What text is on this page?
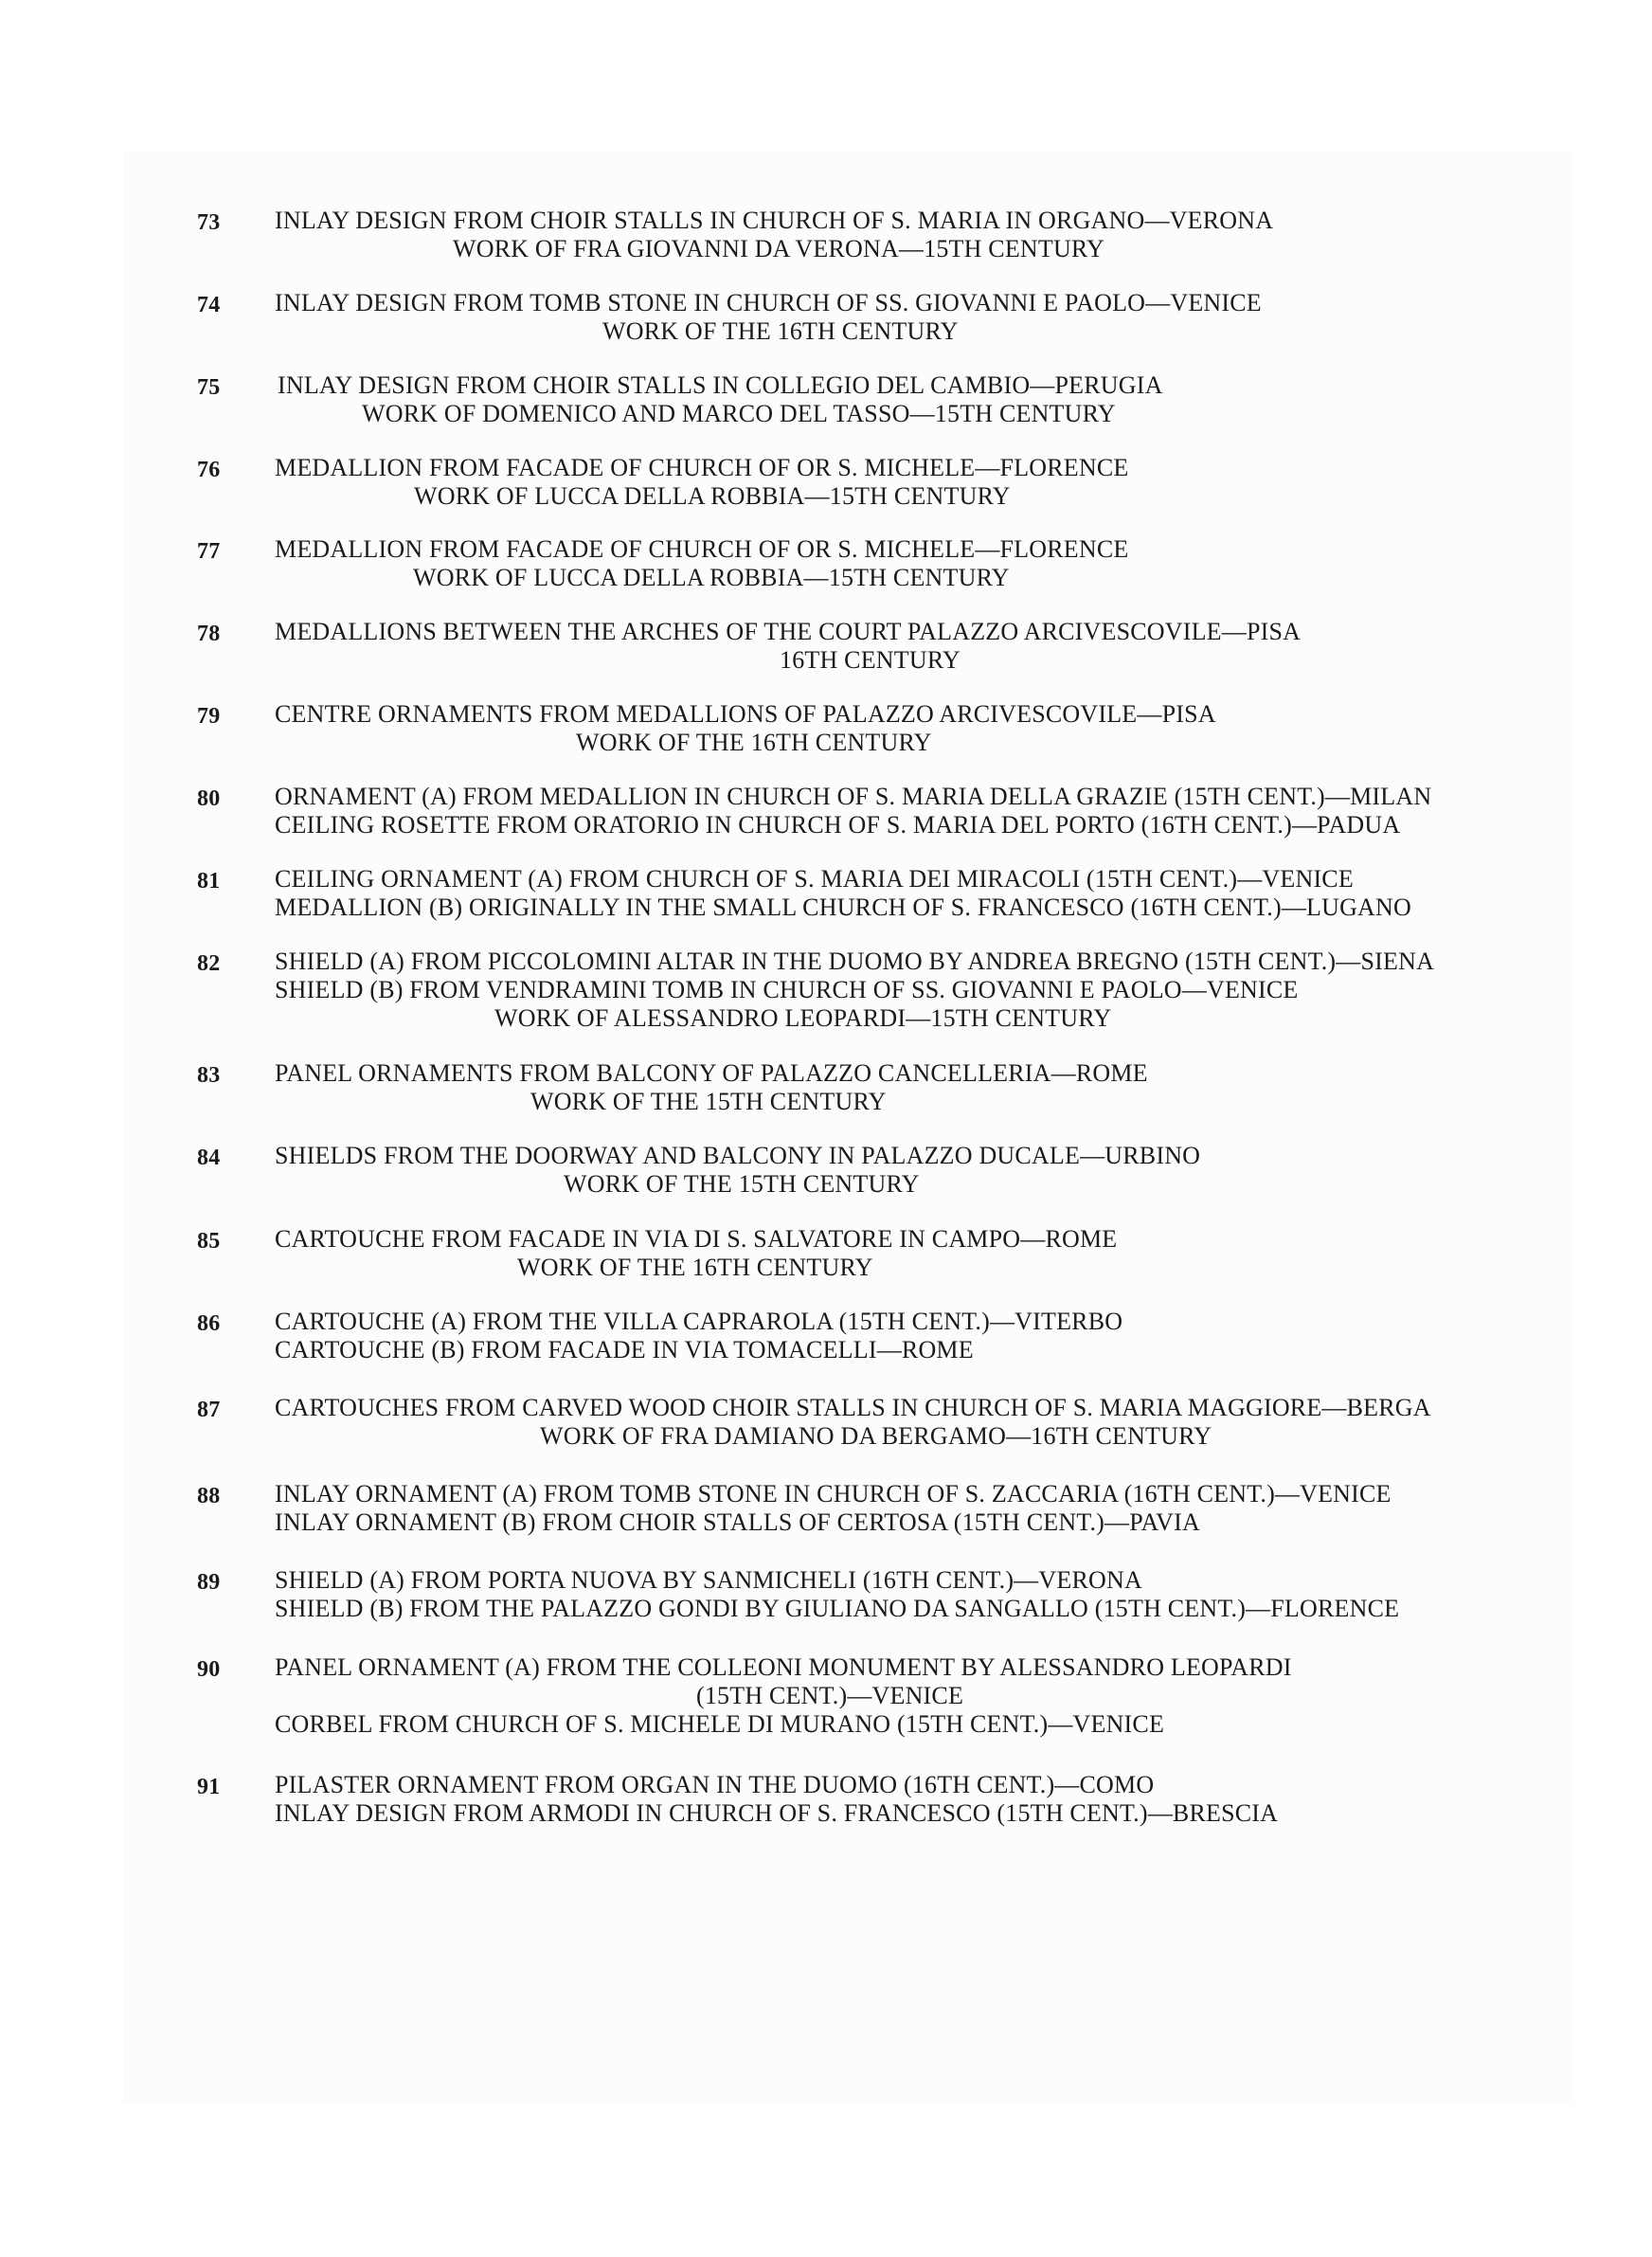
73	INLAY DESIGN FROM CHOIR STALLS IN CHURCH OF S. MARIA IN ORGANO—VERONA
WORK OF FRA GIOVANNI DA VERONA—15TH CENTURY
74	INLAY DESIGN FROM TOMB STONE IN CHURCH OF SS. GIOVANNI E PAOLO—VENICE
WORK OF THE 16TH CENTURY
75	INLAY DESIGN FROM CHOIR STALLS IN COLLEGIO DEL CAMBIO—PERUGIA
WORK OF DOMENICO AND MARCO DEL TASSO—15TH CENTURY
76	MEDALLION FROM FACADE OF CHURCH OF OR S. MICHELE—FLORENCE
WORK OF LUCCA DELLA ROBBIA—15TH CENTURY
77	MEDALLION FROM FACADE OF CHURCH OF OR S. MICHELE—FLORENCE
WORK OF LUCCA DELLA ROBBIA—15TH CENTURY
78	MEDALLIONS BETWEEN THE ARCHES OF THE COURT PALAZZO ARCIVESCOVILE—PISA
16TH CENTURY
79	CENTRE ORNAMENTS FROM MEDALLIONS OF PALAZZO ARCIVESCOVILE—PISA
WORK OF THE 16TH CENTURY
80	ORNAMENT (A) FROM MEDALLION IN CHURCH OF S. MARIA DELLA GRAZIE (15TH CENT.)—MILAN
CEILING ROSETTE FROM ORATORIO IN CHURCH OF S. MARIA DEL PORTO (16TH CENT.)—PADUA
81	CEILING ORNAMENT (A) FROM CHURCH OF S. MARIA DEI MIRACOLI (15TH CENT.)—VENICE
MEDALLION (B) ORIGINALLY IN THE SMALL CHURCH OF S. FRANCESCO (16TH CENT.)—LUGANO
82	SHIELD (A) FROM PICCOLOMINI ALTAR IN THE DUOMO BY ANDREA BREGNO (15TH CENT.)—SIENA
SHIELD (B) FROM VENDRAMINI TOMB IN CHURCH OF SS. GIOVANNI E PAOLO—VENICE
WORK OF ALESSANDRO LEOPARDI—15TH CENTURY
83	PANEL ORNAMENTS FROM BALCONY OF PALAZZO CANCELLERIA—ROME
WORK OF THE 15TH CENTURY
84	SHIELDS FROM THE DOORWAY AND BALCONY IN PALAZZO DUCALE—URBINO
WORK OF THE 15TH CENTURY
85	CARTOUCHE FROM FACADE IN VIA DI S. SALVATORE IN CAMPO—ROME
WORK OF THE 16TH CENTURY
86	CARTOUCHE (A) FROM THE VILLA CAPRAROLA (15TH CENT.)—VITERBO
CARTOUCHE (B) FROM FACADE IN VIA TOMACELLI—ROME
87	CARTOUCHES FROM CARVED WOOD CHOIR STALLS IN CHURCH OF S. MARIA MAGGIORE—BERGA
WORK OF FRA DAMIANO DA BERGAMO—16TH CENTURY
88	INLAY ORNAMENT (A) FROM TOMB STONE IN CHURCH OF S. ZACCARIA (16TH CENT.)—VENICE
INLAY ORNAMENT (B) FROM CHOIR STALLS OF CERTOSA (15TH CENT.)—PAVIA
89	SHIELD (A) FROM PORTA NUOVA BY SANMICHELI (16TH CENT.)—VERONA
SHIELD (B) FROM THE PALAZZO GONDI BY GIULIANO DA SANGALLO (15TH CENT.)—FLORENCE
90	PANEL ORNAMENT (A) FROM THE COLLEONI MONUMENT BY ALESSANDRO LEOPARDI
(15TH CENT.)—VENICE
CORBEL FROM CHURCH OF S. MICHELE DI MURANO (15TH CENT.)—VENICE
91	PILASTER ORNAMENT FROM ORGAN IN THE DUOMO (16TH CENT.)—COMO
INLAY DESIGN FROM ARMODI IN CHURCH OF S. FRANCESCO (15TH CENT.)—BRESCIA
